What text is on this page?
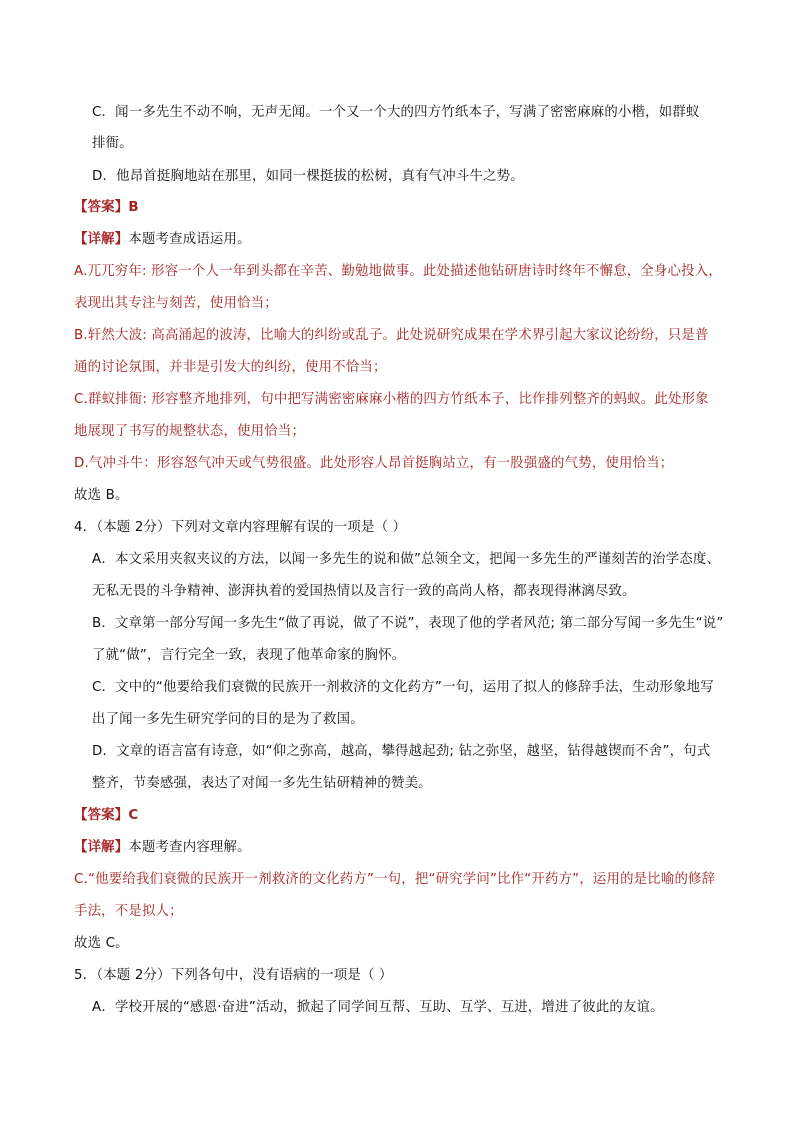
C．闻一多先生不动不响，无声无闻。一个又一个大的四方竹纸本子，写满了密密麻麻的小楷，如群蚁

排衙。

D．他昂首挺胸地站在那里，如同一棵挺拔的松树，真有气冲斗牛之势。

【答案】B

【详解】本题考查成语运用。

A.兀兀穷年: 形容一个人一年到头都在辛苦、勤勉地做事。此处描述他钻研唐诗时终年不懈怠，全身心投入，

表现出其专注与刻苦，使用恰当；

B.轩然大波: 高高涌起的波涛，比喻大的纠纷或乱子。此处说研究成果在学术界引起大家议论纷纷，只是普

通的讨论氛围，并非是引发大的纠纷，使用不恰当；

C.群蚁排衙: 形容整齐地排列，句中把写满密密麻麻小楷的四方竹纸本子，比作排列整齐的蚂蚁。此处形象

地展现了书写的规整状态，使用恰当；

D.气冲斗牛：形容怒气冲天或气势很盛。此处形容人昂首挺胸站立，有一股强盛的气势，使用恰当；

故选 B。

4．（本题 2分）下列对文章内容理解有误的一项是（ ）

A．本文采用夹叙夹议的方法，以闻一多先生的说和做”总领全文，把闻一多先生的严谨刻苦的治学态度、

无私无畏的斗争精神、澎湃执着的爱国热情以及言行一致的高尚人格，都表现得淋漓尽致。

B．文章第一部分写闻一多先生“做了再说，做了不说”，表现了他的学者风范; 第二部分写闻一多先生“说”

了就“做”，言行完全一致，表现了他革命家的胸怀。

C．文中的“他要给我们衰微的民族开一剂救济的文化药方”一句，运用了拟人的修辞手法，生动形象地写

出了闻一多先生研究学问的目的是为了救国。

D．文章的语言富有诗意，如“仰之弥高，越高，攀得越起劲; 钻之弥坚，越坚，钻得越锲而不舍”，句式

整齐，节奏感强，表达了对闻一多先生钻研精神的赞美。

【答案】C

【详解】本题考查内容理解。

C.“他要给我们衰微的民族开一剂救济的文化药方”一句，把“研究学问”比作“开药方”，运用的是比喻的修辞

手法，不是拟人；

故选 C。

5．（本题 2分）下列各句中，没有语病的一项是（ ）

A．学校开展的“感恩·奋进”活动，掀起了同学间互帮、互助、互学、互进，增进了彼此的友谊。
